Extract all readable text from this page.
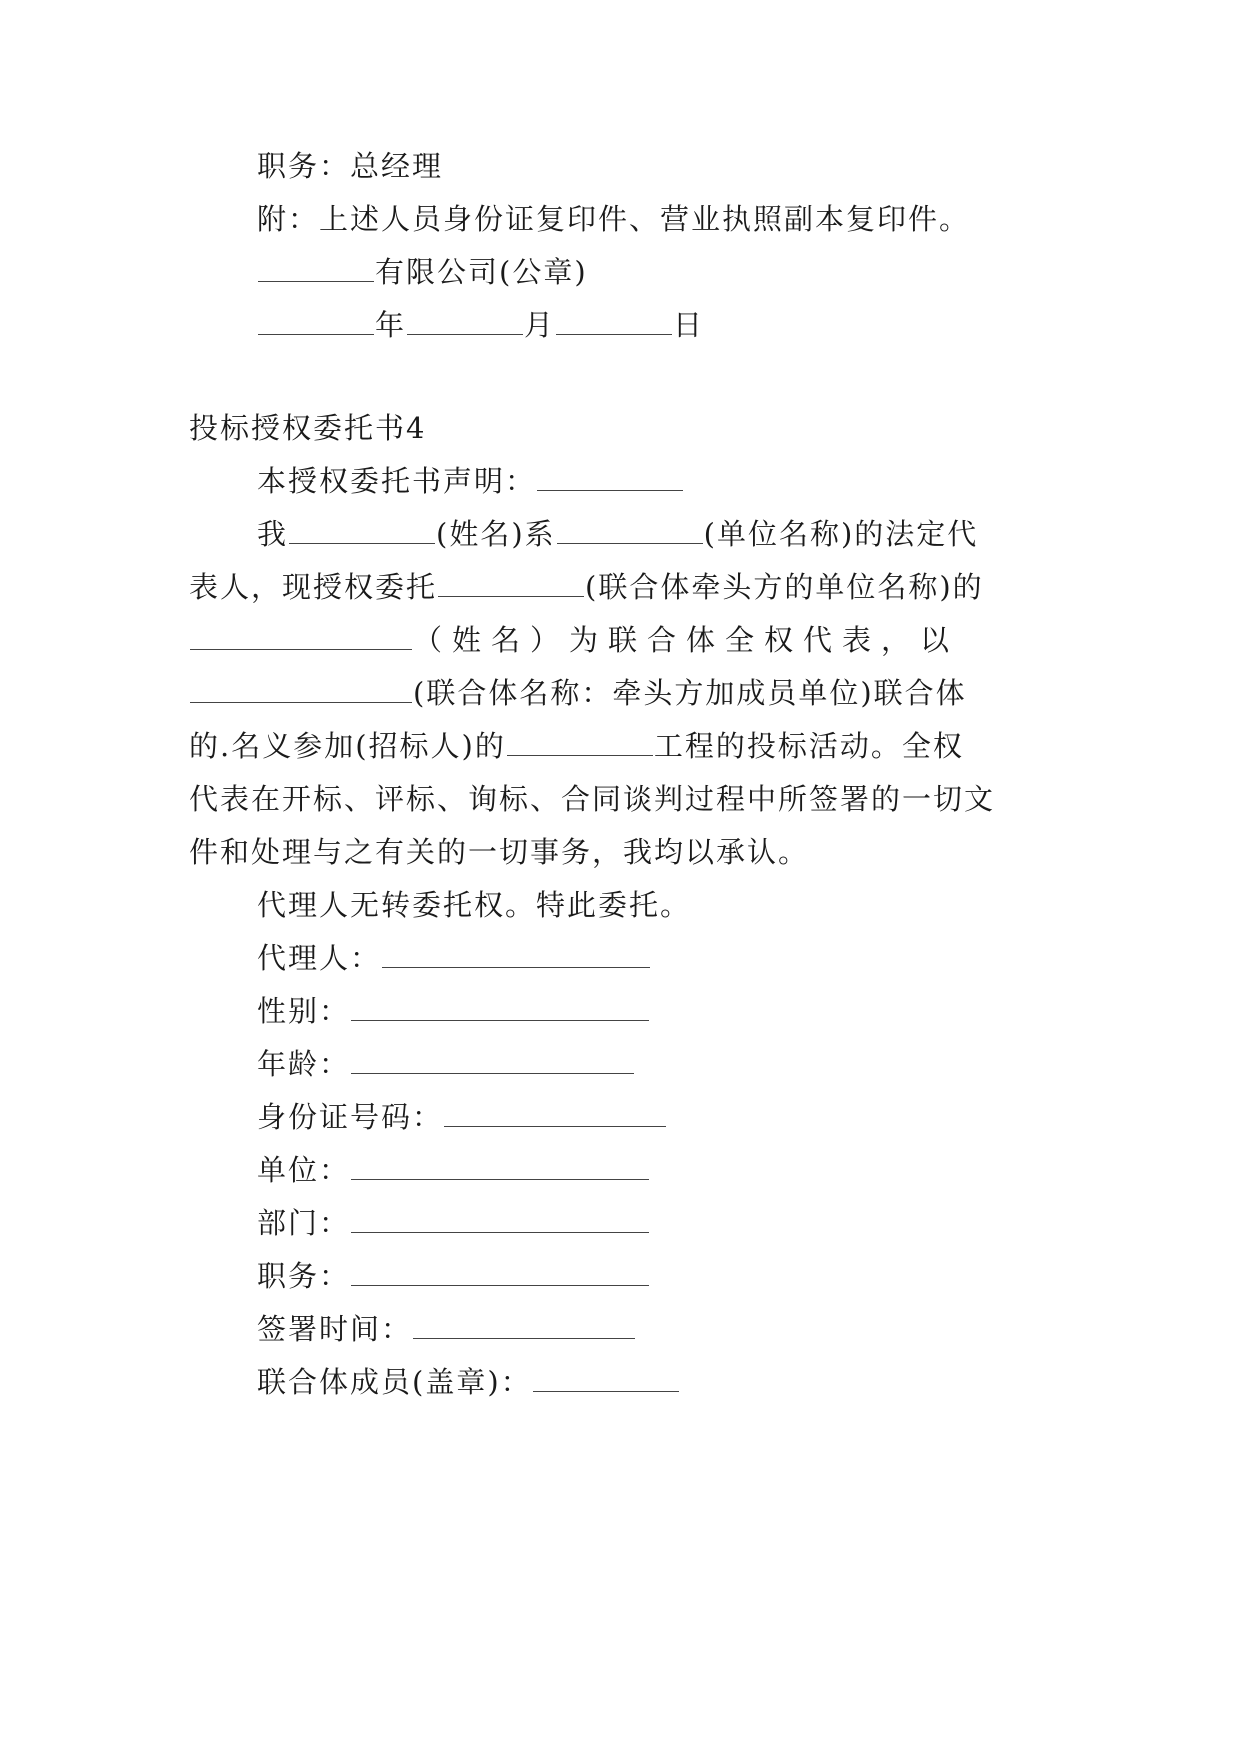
职务：总经理
附：上述人员身份证复印件、营业执照副本复印件。
有限公司(公章)
年	月	日
投标授权委托书4
本授权委托书声明：
我	(姓名)系	(单位名称)的法定代
表人，现授权委托	(联合体牵头方的单位名称)的
（姓名）为联合体全权代表，以
(联合体名称：牵头方加成员单位)联合体
的.名义参加(招标人)的	工程的投标活动。全权
代表在开标、评标、询标、合同谈判过程中所签署的一切文
件和处理与之有关的一切事务，我均以承认。
代理人无转委托权。特此委托。
代理人：
性别：
年龄：
身份证号码：
单位：
部门：
职务：
签署时间：
联合体成员(盖章)：
